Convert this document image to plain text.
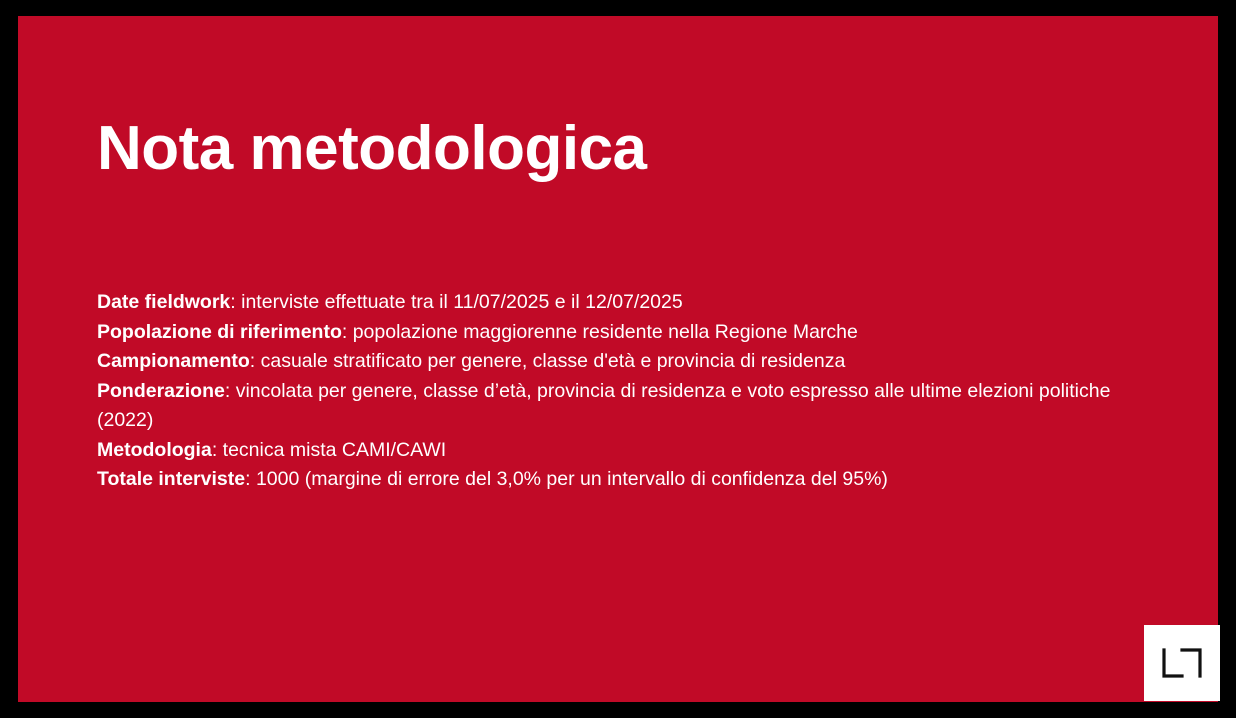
Nota metodologica

Date fieldwork: interviste effettuate tra il 11/07/2025 e il 12/07/2025

Popolazione di riferimento: popolazione maggiorenne residente nella Regione Marche

Campionamento: casuale stratificato per genere, classe d'età e provincia di residenza

Ponderazione: vincolata per genere, classe d’età, provincia di residenza e voto espresso alle ultime elezioni politiche (2022)

Metodologia: tecnica mista CAMI/CAWI

Totale interviste: 1000 (margine di errore del 3,0% per un intervallo di confidenza del 95%)
